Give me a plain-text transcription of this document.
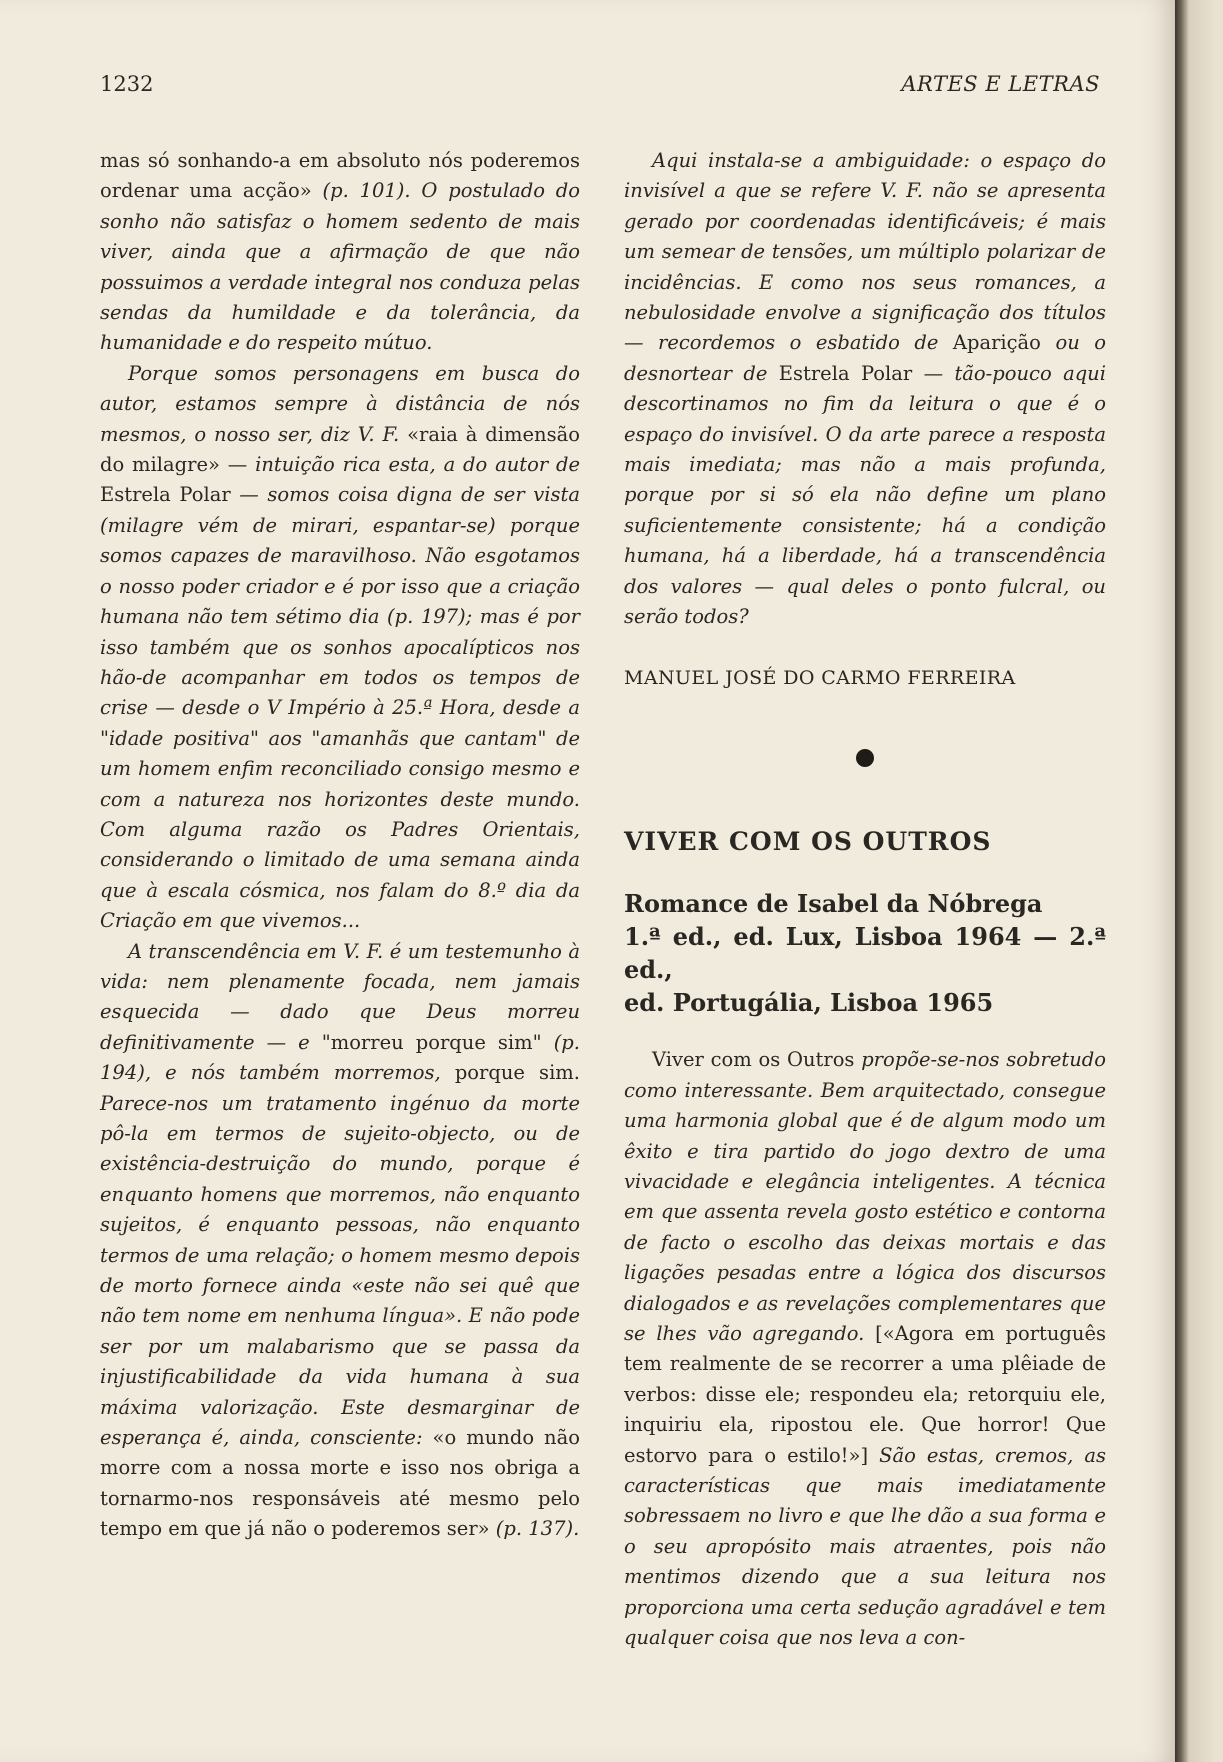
1232	ARTES E LETRAS

mas só sonhando-a em absoluto nós poderemos ordenar uma acção» (p. 101). O postulado do sonho não satisfaz o homem sedento de mais viver, ainda que a afirmação de que não possuimos a verdade integral nos conduza pelas sendas da humildade e da tolerância, da humanidade e do respeito mútuo.

Porque somos personagens em busca do autor, estamos sempre à distância de nós mesmos, o nosso ser, diz V. F. «raia à dimensão do milagre» — intuição rica esta, a do autor de Estrela Polar — somos coisa digna de ser vista (milagre vém de mirari, espantar-se) porque somos capazes de maravilhoso. Não esgotamos o nosso poder criador e é por isso que a criação humana não tem sétimo dia (p. 197); mas é por isso também que os sonhos apocalípticos nos hão-de acompanhar em todos os tempos de crise — desde o V Império à 25.ª Hora, desde a "idade positiva" aos "amanhãs que cantam" de um homem enfim reconciliado consigo mesmo e com a natureza nos horizontes deste mundo. Com alguma razão os Padres Orientais, considerando o limitado de uma semana ainda que à escala cósmica, nos falam do 8.º dia da Criação em que vivemos...

A transcendência em V. F. é um testemunho à vida: nem plenamente focada, nem jamais esquecida — dado que Deus morreu definitivamente — e "morreu porque sim" (p. 194), e nós também morremos, porque sim. Parece-nos um tratamento ingénuo da morte pô-la em termos de sujeito-objecto, ou de existência-destruição do mundo, porque é enquanto homens que morremos, não enquanto sujeitos, é enquanto pessoas, não enquanto termos de uma relação; o homem mesmo depois de morto fornece ainda «este não sei quê que não tem nome em nenhuma língua». E não pode ser por um malabarismo que se passa da injustificabilidade da vida humana à sua máxima valorização. Este desmarginar de esperança é, ainda, consciente: «o mundo não morre com a nossa morte e isso nos obriga a tornarmo-nos responsáveis até mesmo pelo tempo em que já não o poderemos ser» (p. 137).

Aqui instala-se a ambiguidade: o espaço do invisível a que se refere V. F. não se apresenta gerado por coordenadas identificáveis; é mais um semear de tensões, um múltiplo polarizar de incidências. E como nos seus romances, a nebulosidade envolve a significação dos títulos — recordemos o esbatido de Aparição ou o desnortear de Estrela Polar — tão-pouco aqui descortinamos no fim da leitura o que é o espaço do invisível. O da arte parece a resposta mais imediata; mas não a mais profunda, porque por si só ela não define um plano suficientemente consistente; há a condição humana, há a liberdade, há a transcendência dos valores — qual deles o ponto fulcral, ou serão todos?

MANUEL JOSÉ DO CARMO FERREIRA

VIVER COM OS OUTROS

Romance de Isabel da Nóbrega
1.ª ed., ed. Lux, Lisboa 1964 — 2.ª ed.,
ed. Portugália, Lisboa 1965

Viver com os Outros propõe-se-nos sobretudo como interessante. Bem arquitectado, consegue uma harmonia global que é de algum modo um êxito e tira partido do jogo dextro de uma vivacidade e elegância inteligentes. A técnica em que assenta revela gosto estético e contorna de facto o escolho das deixas mortais e das ligações pesadas entre a lógica dos discursos dialogados e as revelações complementares que se lhes vão agregando. [«Agora em português tem realmente de se recorrer a uma plêiade de verbos: disse ele; respondeu ela; retorquiu ele, inquiriu ela, ripostou ele. Que horror! Que estorvo para o estilo!»] São estas, cremos, as características que mais imediatamente sobressaem no livro e que lhe dão a sua forma e o seu apropósito mais atraentes, pois não mentimos dizendo que a sua leitura nos proporciona uma certa sedução agradável e tem qualquer coisa que nos leva a con-
